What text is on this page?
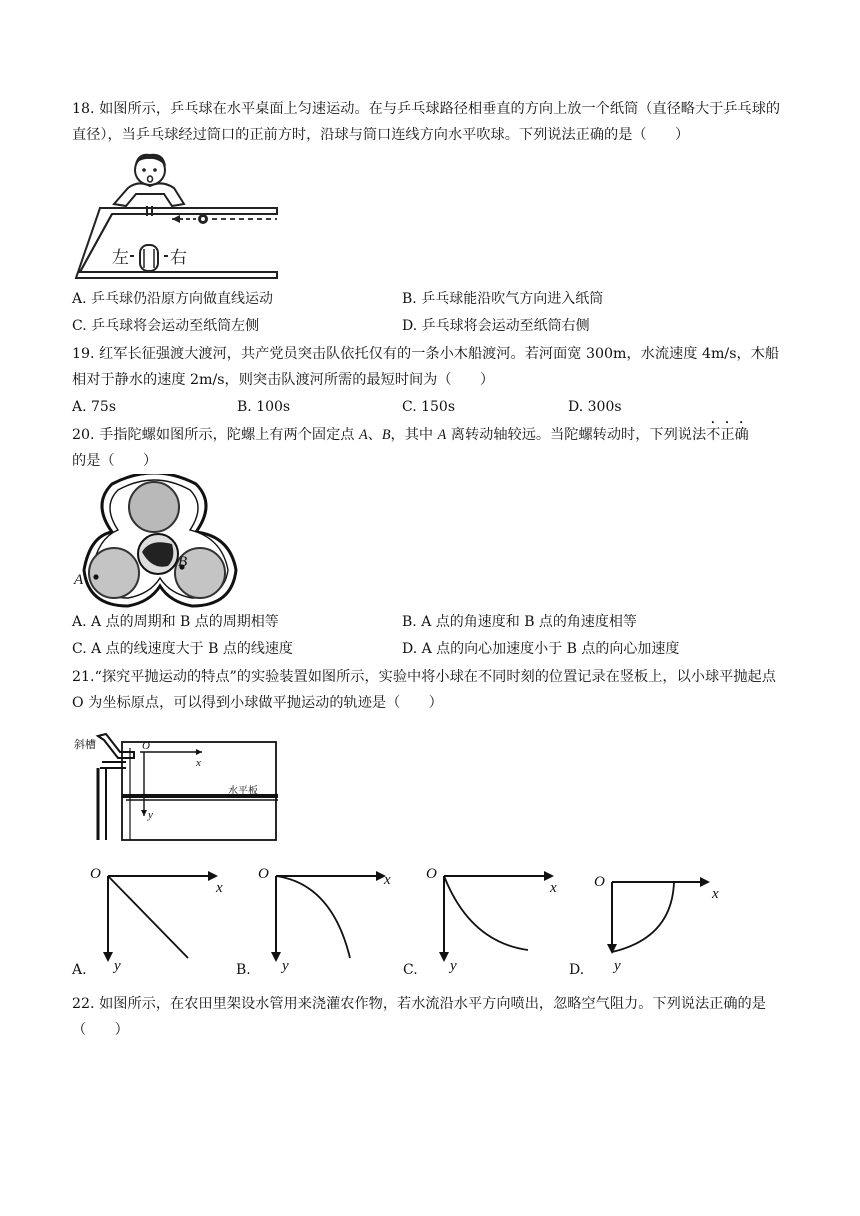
18. 如图所示，乒乓球在水平桌面上匀速运动。在与乒乓球路径相垂直的方向上放一个纸筒（直径略大于乒乓球的直径），当乒乓球经过筒口的正前方时，沿球与筒口连线方向水平吹球。下列说法正确的是（　　）
左 右
A. 乒乓球仍沿原方向做直线运动	B. 乒乓球能沿吹气方向进入纸筒
C. 乒乓球将会运动至纸筒左侧	D. 乒乓球将会运动至纸筒右侧
19. 红军长征强渡大渡河，共产党员突击队依托仅有的一条小木船渡河。若河面宽 300m，水流速度 4m/s，木船相对于静水的速度 2m/s，则突击队渡河所需的最短时间为（　　）
A. 75s	B. 100s	C. 150s	D. 300s
20. 手指陀螺如图所示，陀螺上有两个固定点 A、B，其中 A 离转动轴较远。当陀螺转动时，下列说法不正确
的是（　　）
A
B
A. A 点的周期和 B 点的周期相等	B. A 点的角速度和 B 点的角速度相等
C. A 点的线速度大于 B 点的线速度	D. A 点的向心加速度小于 B 点的向心加速度
21.“探究平抛运动的特点”的实验装置如图所示，实验中将小球在不同时刻的位置记录在竖板上，以小球平抛起点 O 为坐标原点，可以得到小球做平抛运动的轨迹是（　　）
斜槽	O
x
y
水平板
O
x
y
A.
O	x
y
B.
O
x
y
C.
O
x
y
D.
22. 如图所示，在农田里架设水管用来浇灌农作物，若水流沿水平方向喷出，忽略空气阻力。下列说法正确的是（　　）
